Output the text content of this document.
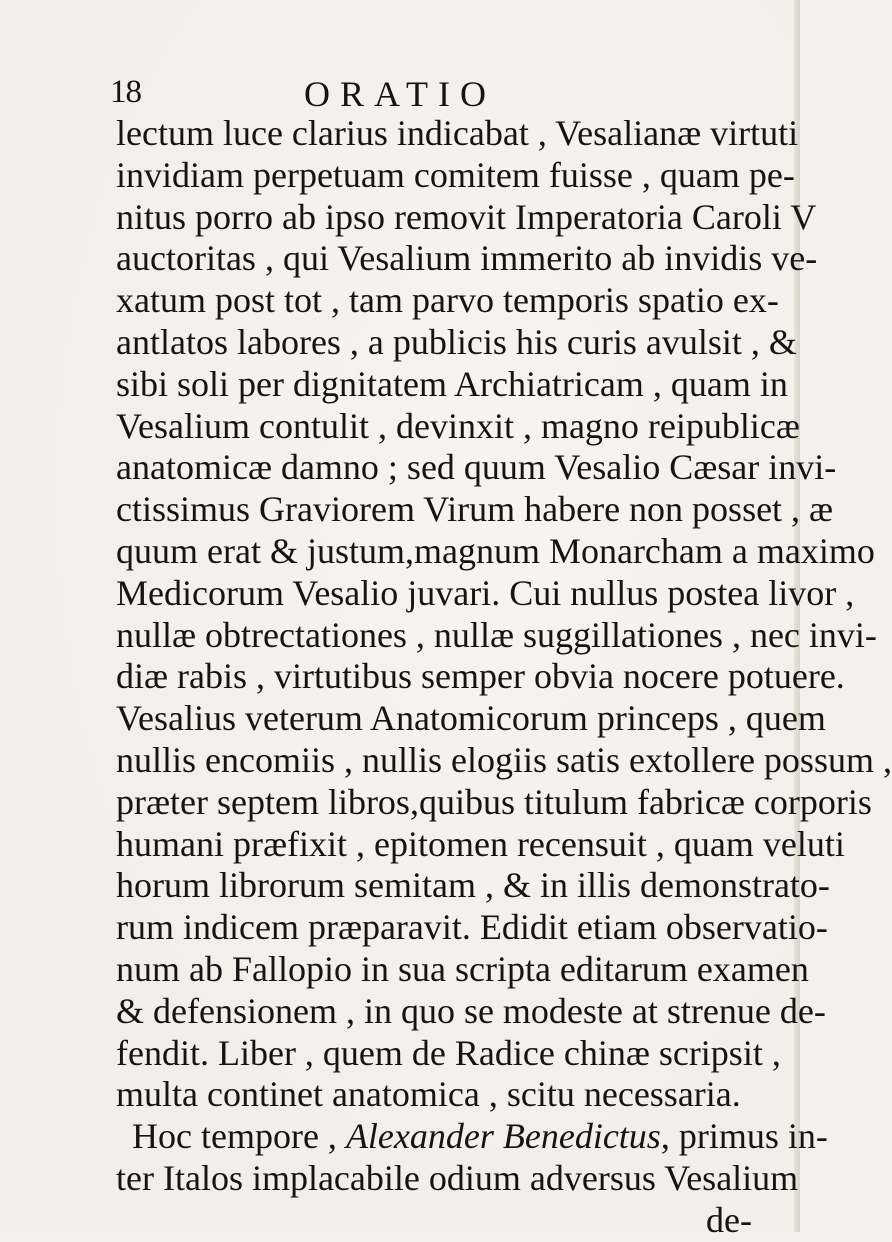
18	ORATIO
lectum luce clarius indicabat , Vesalianæ virtuti
invidiam perpetuam comitem fuisse , quam pe-
nitus porro ab ipso removit Imperatoria Caroli V
auctoritas , qui Vesalium immerito ab invidis ve-
xatum post tot , tam parvo temporis spatio ex-
antlatos labores , a publicis his curis avulsit , &
sibi soli per dignitatem Archiatricam , quam in
Vesalium contulit , devinxit , magno reipublicæ
anatomicæ damno ; sed quum Vesalio Cæsar invi-
ctissimus Graviorem Virum habere non posset , æ
quum erat & justum,magnum Monarcham a maximo
Medicorum Vesalio juvari. Cui nullus postea livor ,
nullæ obtrectationes , nullæ suggillationes , nec invi-
diæ rabis , virtutibus semper obvia nocere potuere.
Vesalius veterum Anatomicorum princeps , quem
nullis encomiis , nullis elogiis satis extollere possum ,
præter septem libros,quibus titulum fabricæ corporis
humani præfixit , epitomen recensuit , quam veluti
horum librorum semitam , & in illis demonstrato-
rum indicem præparavit. Edidit etiam observatio-
num ab Fallopio in sua scripta editarum examen
& defensionem , in quo se modeste at strenue de-
fendit. Liber , quem de Radice chinæ scripsit ,
multa continet anatomica , scitu necessaria.
Hoc tempore , Alexander Benedictus, primus in-
ter Italos implacabile odium adversus Vesalium
de-
